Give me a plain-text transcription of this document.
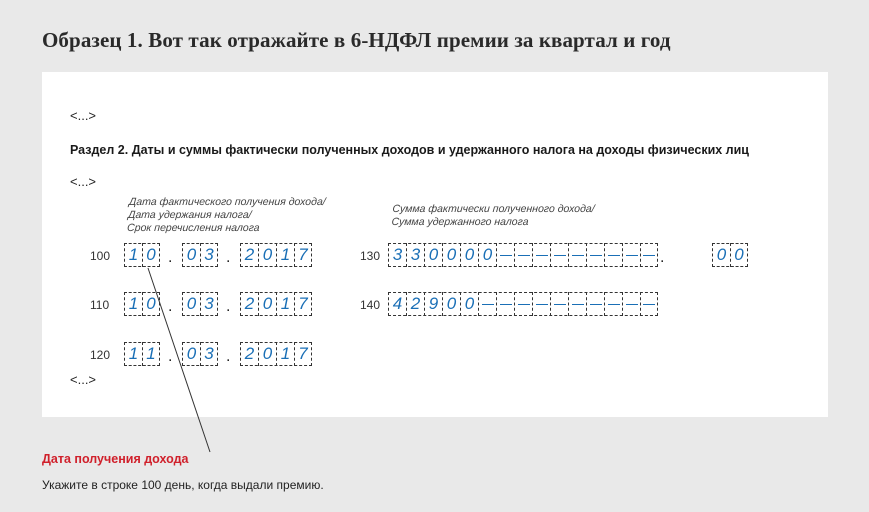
Образец 1. Вот так отражайте в 6-НДФЛ премии за квартал и год
<...>
Раздел 2. Даты и суммы фактически полученных доходов и удержанного налога на доходы физических лиц
<...>
Дата фактического получения дохода/
Дата удержания налога/
Срок перечисления налога
Сумма фактически полученного дохода/
Сумма удержанного налога
100 1 0 . 0 3 . 2 0 1 7	130 3 3 0 0 0 0	.	0 0
110 1 0 . 0 3 . 2 0 1 7	140 4 2 9 0 0
120 1 1 . 0 3 . 2 0 1 7
<...>
Дата получения дохода
Укажите в строке 100 день, когда выдали премию.
